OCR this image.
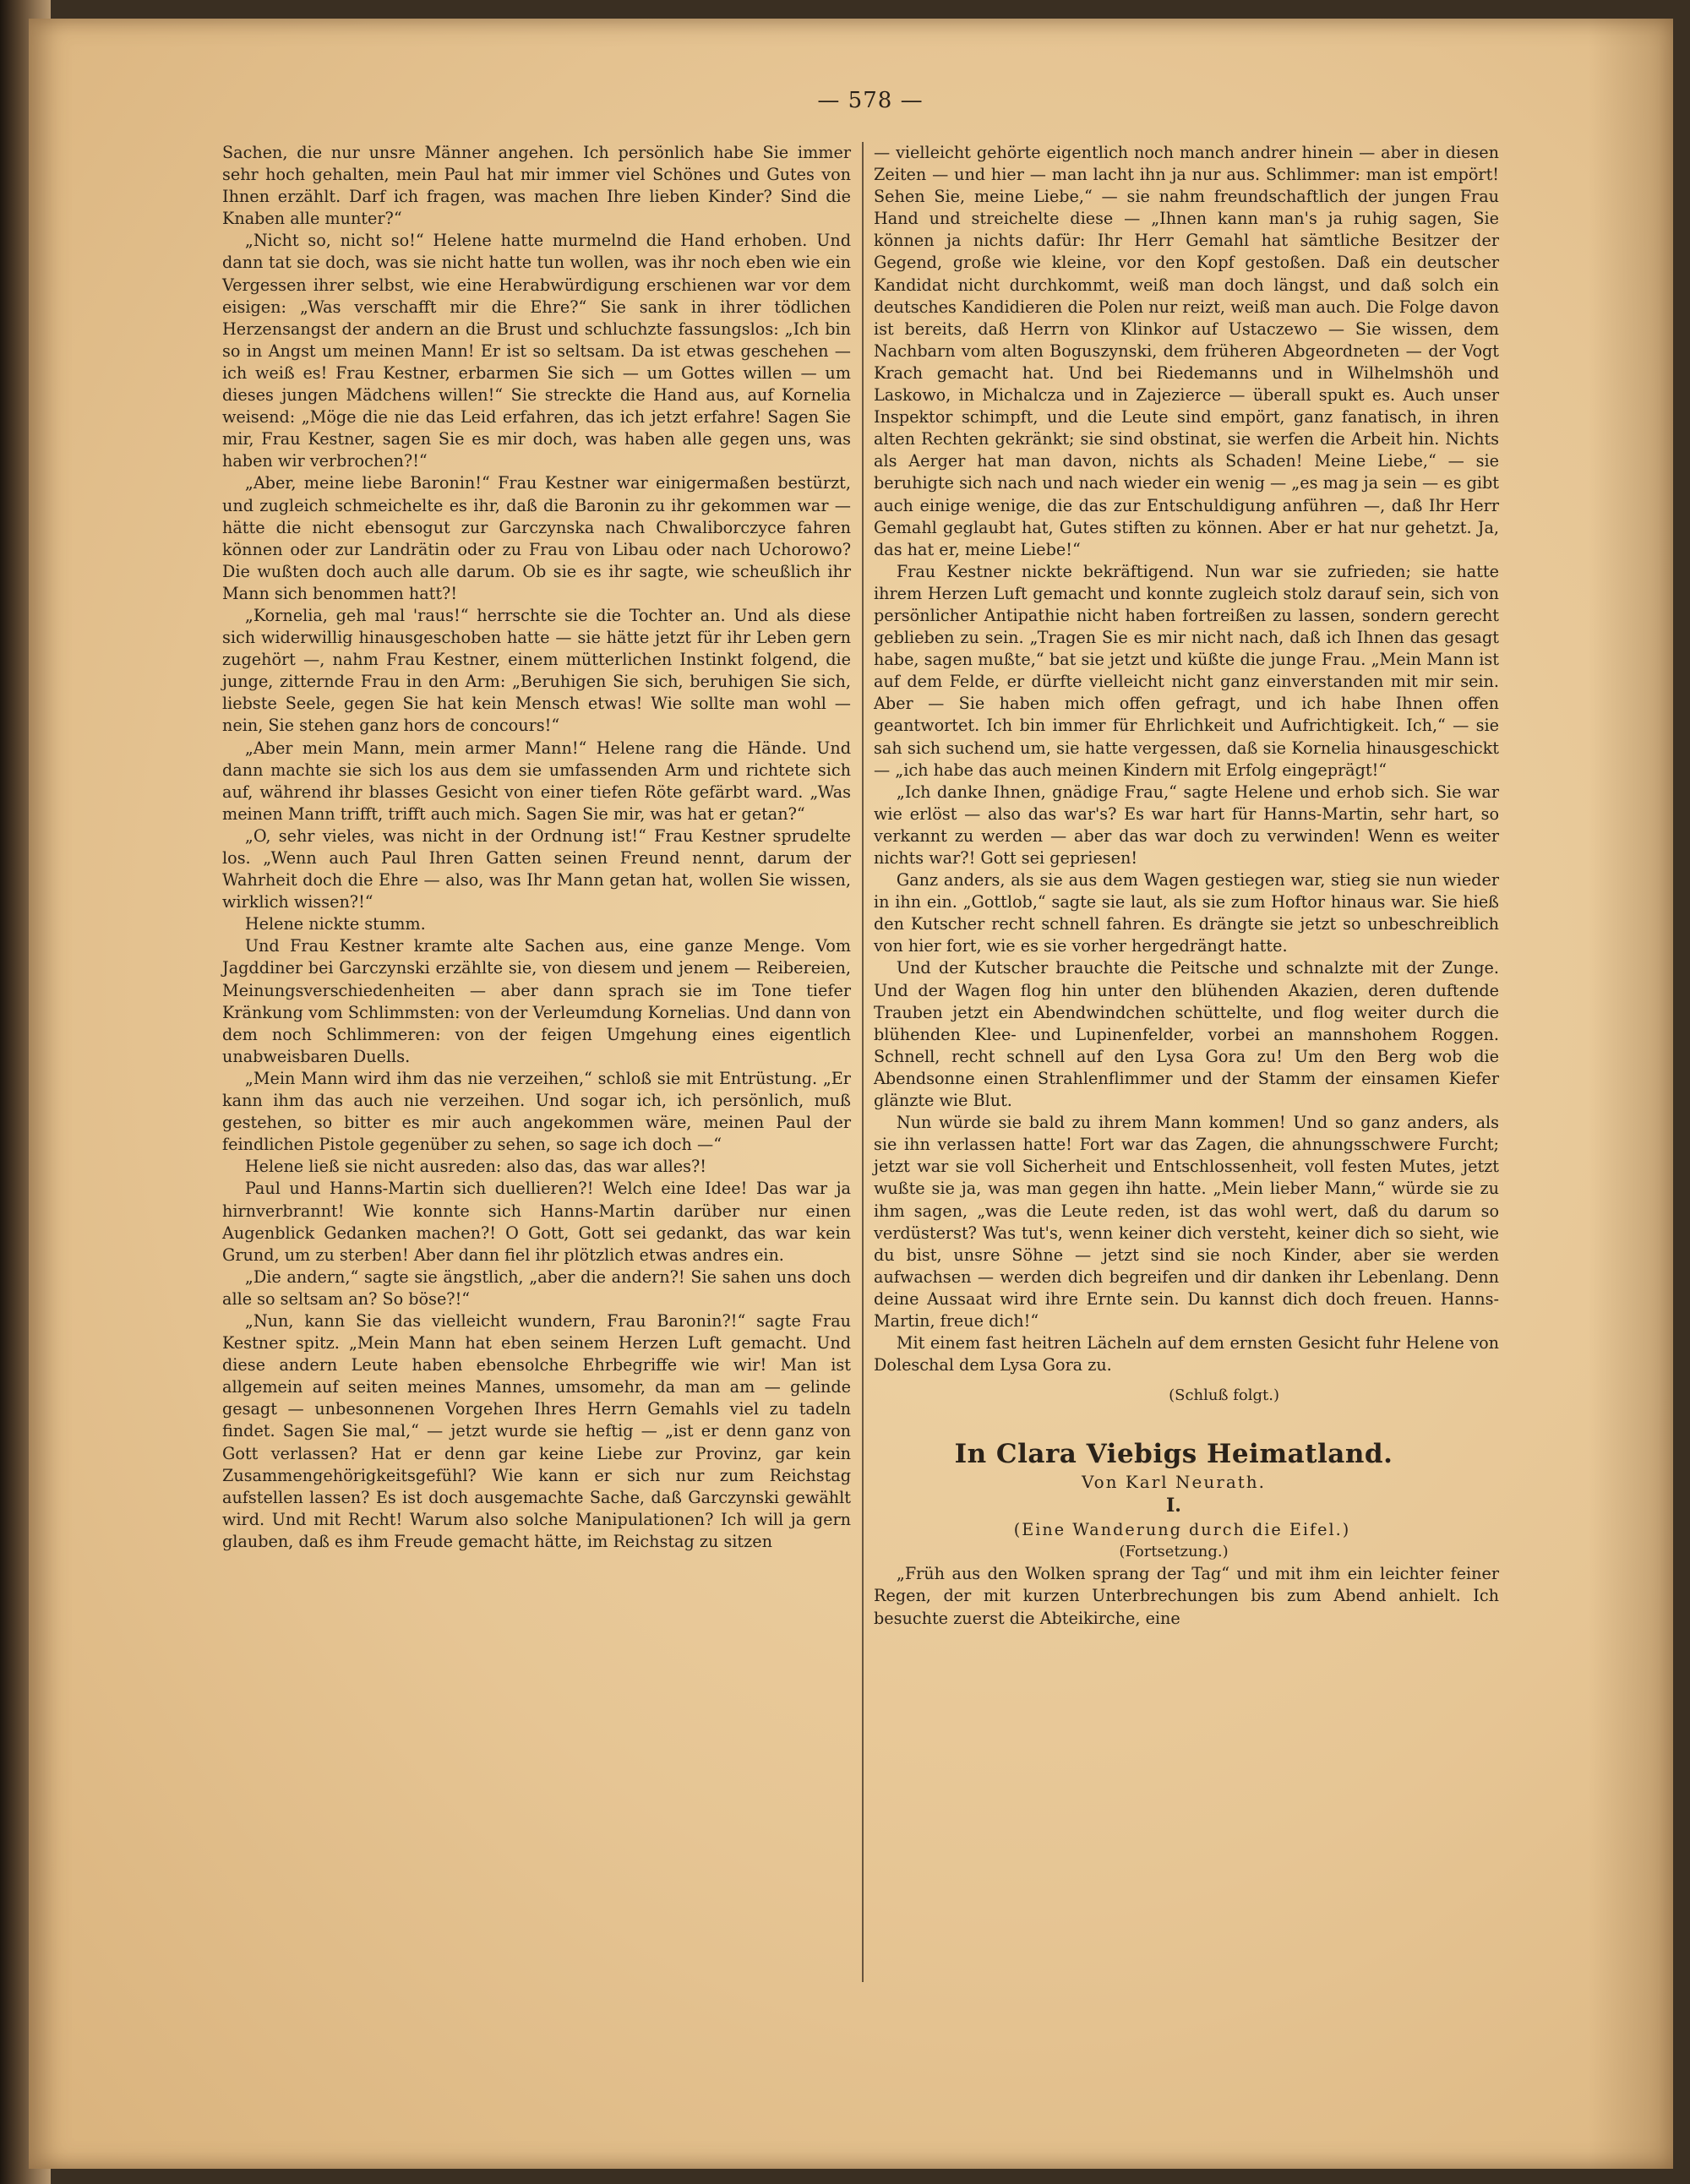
— 578 —

Sachen, die nur unsre Männer angehen. Ich persönlich habe Sie immer sehr hoch gehalten, mein Paul hat mir immer viel Schönes und Gutes von Ihnen erzählt. Darf ich fragen, was machen Ihre lieben Kinder? Sind die Knaben alle munter?“

„Nicht so, nicht so!“ Helene hatte murmelnd die Hand erhoben. Und dann tat sie doch, was sie nicht hatte tun wollen, was ihr noch eben wie ein Vergessen ihrer selbst, wie eine Herabwürdigung erschienen war vor dem eisigen: „Was verschafft mir die Ehre?“ Sie sank in ihrer tödlichen Herzensangst der andern an die Brust und schluchzte fassungslos: „Ich bin so in Angst um meinen Mann! Er ist so seltsam. Da ist etwas geschehen — ich weiß es! Frau Kestner, erbarmen Sie sich — um Gottes willen — um dieses jungen Mädchens willen!“ Sie streckte die Hand aus, auf Kornelia weisend: „Möge die nie das Leid erfahren, das ich jetzt erfahre! Sagen Sie mir, Frau Kestner, sagen Sie es mir doch, was haben alle gegen uns, was haben wir verbrochen?!“

„Aber, meine liebe Baronin!“ Frau Kestner war einigermaßen bestürzt, und zugleich schmeichelte es ihr, daß die Baronin zu ihr gekommen war — hätte die nicht ebensogut zur Garczynska nach Chwaliborczyce fahren können oder zur Landrätin oder zu Frau von Libau oder nach Uchorowo? Die wußten doch auch alle darum. Ob sie es ihr sagte, wie scheußlich ihr Mann sich benommen hatt?!

„Kornelia, geh mal 'raus!“ herrschte sie die Tochter an. Und als diese sich widerwillig hinausgeschoben hatte — sie hätte jetzt für ihr Leben gern zugehört —, nahm Frau Kestner, einem mütterlichen Instinkt folgend, die junge, zitternde Frau in den Arm: „Beruhigen Sie sich, beruhigen Sie sich, liebste Seele, gegen Sie hat kein Mensch etwas! Wie sollte man wohl — nein, Sie stehen ganz hors de concours!“

„Aber mein Mann, mein armer Mann!“ Helene rang die Hände. Und dann machte sie sich los aus dem sie umfassenden Arm und richtete sich auf, während ihr blasses Gesicht von einer tiefen Röte gefärbt ward. „Was meinen Mann trifft, trifft auch mich. Sagen Sie mir, was hat er getan?“

„O, sehr vieles, was nicht in der Ordnung ist!“ Frau Kestner sprudelte los. „Wenn auch Paul Ihren Gatten seinen Freund nennt, darum der Wahrheit doch die Ehre — also, was Ihr Mann getan hat, wollen Sie wissen, wirklich wissen?!“

Helene nickte stumm.

Und Frau Kestner kramte alte Sachen aus, eine ganze Menge. Vom Jagddiner bei Garczynski erzählte sie, von diesem und jenem — Reibereien, Meinungsverschiedenheiten — aber dann sprach sie im Tone tiefer Kränkung vom Schlimmsten: von der Verleumdung Kornelias. Und dann von dem noch Schlimmeren: von der feigen Umgehung eines eigentlich unabweisbaren Duells.

„Mein Mann wird ihm das nie verzeihen,“ schloß sie mit Entrüstung. „Er kann ihm das auch nie verzeihen. Und sogar ich, ich persönlich, muß gestehen, so bitter es mir auch angekommen wäre, meinen Paul der feindlichen Pistole gegenüber zu sehen, so sage ich doch —“

Helene ließ sie nicht ausreden: also das, das war alles?!

Paul und Hanns-Martin sich duellieren?! Welch eine Idee! Das war ja hirnverbrannt! Wie konnte sich Hanns-Martin darüber nur einen Augenblick Gedanken machen?! O Gott, Gott sei gedankt, das war kein Grund, um zu sterben! Aber dann fiel ihr plötzlich etwas andres ein.

„Die andern,“ sagte sie ängstlich, „aber die andern?! Sie sahen uns doch alle so seltsam an? So böse?!“

„Nun, kann Sie das vielleicht wundern, Frau Baronin?!“ sagte Frau Kestner spitz. „Mein Mann hat eben seinem Herzen Luft gemacht. Und diese andern Leute haben ebensolche Ehrbegriffe wie wir! Man ist allgemein auf seiten meines Mannes, umsomehr, da man am — gelinde gesagt — unbesonnenen Vorgehen Ihres Herrn Gemahls viel zu tadeln findet. Sagen Sie mal,“ — jetzt wurde sie heftig — „ist er denn ganz von Gott verlassen? Hat er denn gar keine Liebe zur Provinz, gar kein Zusammengehörigkeitsgefühl? Wie kann er sich nur zum Reichstag aufstellen lassen? Es ist doch ausgemachte Sache, daß Garczynski gewählt wird. Und mit Recht! Warum also solche Manipulationen? Ich will ja gern glauben, daß es ihm Freude gemacht hätte, im Reichstag zu sitzen

— vielleicht gehörte eigentlich noch manch andrer hinein — aber in diesen Zeiten — und hier — man lacht ihn ja nur aus. Schlimmer: man ist empört! Sehen Sie, meine Liebe,“ — sie nahm freundschaftlich der jungen Frau Hand und streichelte diese — „Ihnen kann man's ja ruhig sagen, Sie können ja nichts dafür: Ihr Herr Gemahl hat sämtliche Besitzer der Gegend, große wie kleine, vor den Kopf gestoßen. Daß ein deutscher Kandidat nicht durchkommt, weiß man doch längst, und daß solch ein deutsches Kandidieren die Polen nur reizt, weiß man auch. Die Folge davon ist bereits, daß Herrn von Klinkor auf Ustaczewo — Sie wissen, dem Nachbarn vom alten Boguszynski, dem früheren Abgeordneten — der Vogt Krach gemacht hat. Und bei Riedemanns und in Wilhelmshöh und Laskowo, in Michalcza und in Zajezierce — überall spukt es. Auch unser Inspektor schimpft, und die Leute sind empört, ganz fanatisch, in ihren alten Rechten gekränkt; sie sind obstinat, sie werfen die Arbeit hin. Nichts als Aerger hat man davon, nichts als Schaden! Meine Liebe,“ — sie beruhigte sich nach und nach wieder ein wenig — „es mag ja sein — es gibt auch einige wenige, die das zur Entschuldigung anführen —, daß Ihr Herr Gemahl geglaubt hat, Gutes stiften zu können. Aber er hat nur gehetzt. Ja, das hat er, meine Liebe!“

Frau Kestner nickte bekräftigend. Nun war sie zufrieden; sie hatte ihrem Herzen Luft gemacht und konnte zugleich stolz darauf sein, sich von persönlicher Antipathie nicht haben fortreißen zu lassen, sondern gerecht geblieben zu sein. „Tragen Sie es mir nicht nach, daß ich Ihnen das gesagt habe, sagen mußte,“ bat sie jetzt und küßte die junge Frau. „Mein Mann ist auf dem Felde, er dürfte vielleicht nicht ganz einverstanden mit mir sein. Aber — Sie haben mich offen gefragt, und ich habe Ihnen offen geantwortet. Ich bin immer für Ehrlichkeit und Aufrichtigkeit. Ich,“ — sie sah sich suchend um, sie hatte vergessen, daß sie Kornelia hinausgeschickt — „ich habe das auch meinen Kindern mit Erfolg eingeprägt!“

„Ich danke Ihnen, gnädige Frau,“ sagte Helene und erhob sich. Sie war wie erlöst — also das war's? Es war hart für Hanns-Martin, sehr hart, so verkannt zu werden — aber das war doch zu verwinden! Wenn es weiter nichts war?! Gott sei gepriesen!

Ganz anders, als sie aus dem Wagen gestiegen war, stieg sie nun wieder in ihn ein. „Gottlob,“ sagte sie laut, als sie zum Hoftor hinaus war. Sie hieß den Kutscher recht schnell fahren. Es drängte sie jetzt so unbeschreiblich von hier fort, wie es sie vorher hergedrängt hatte.

Und der Kutscher brauchte die Peitsche und schnalzte mit der Zunge. Und der Wagen flog hin unter den blühenden Akazien, deren duftende Trauben jetzt ein Abendwindchen schüttelte, und flog weiter durch die blühenden Klee- und Lupinenfelder, vorbei an mannshohem Roggen. Schnell, recht schnell auf den Lysa Gora zu! Um den Berg wob die Abendsonne einen Strahlenflimmer und der Stamm der einsamen Kiefer glänzte wie Blut.

Nun würde sie bald zu ihrem Mann kommen! Und so ganz anders, als sie ihn verlassen hatte! Fort war das Zagen, die ahnungsschwere Furcht; jetzt war sie voll Sicherheit und Entschlossenheit, voll festen Mutes, jetzt wußte sie ja, was man gegen ihn hatte. „Mein lieber Mann,“ würde sie zu ihm sagen, „was die Leute reden, ist das wohl wert, daß du darum so verdüsterst? Was tut's, wenn keiner dich versteht, keiner dich so sieht, wie du bist, unsre Söhne — jetzt sind sie noch Kinder, aber sie werden aufwachsen — werden dich begreifen und dir danken ihr Lebenlang. Denn deine Aussaat wird ihre Ernte sein. Du kannst dich doch freuen. Hanns-Martin, freue dich!“

Mit einem fast heitren Lächeln auf dem ernsten Gesicht fuhr Helene von Doleschal dem Lysa Gora zu.

(Schluß folgt.)

In Clara Viebigs Heimatland.
Von Karl Neurath.
I.
(Eine Wanderung durch die Eifel.)
(Fortsetzung.)

„Früh aus den Wolken sprang der Tag“ und mit ihm ein leichter feiner Regen, der mit kurzen Unterbrechungen bis zum Abend anhielt. Ich besuchte zuerst die Abteikirche, eine
